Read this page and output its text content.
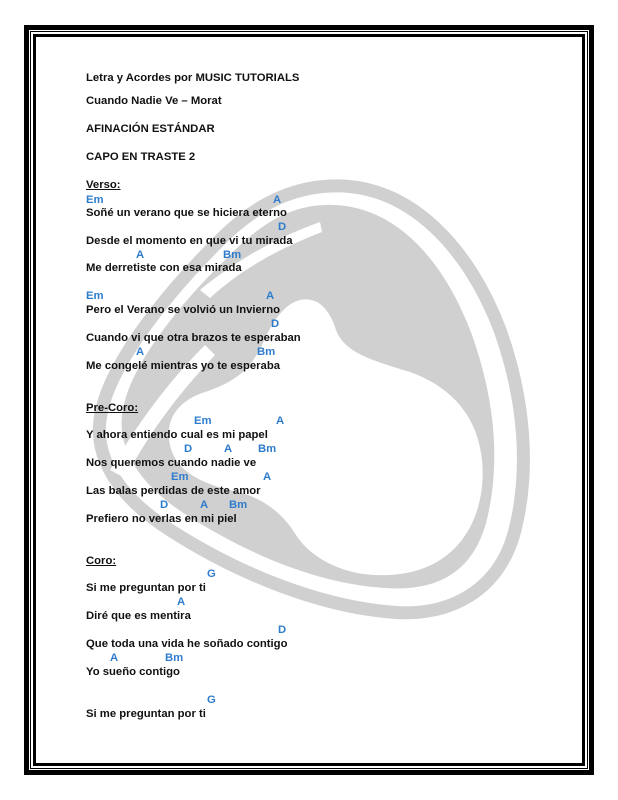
Letra y Acordes por MUSIC TUTORIALS
Cuando Nadie Ve – Morat
AFINACIÓN ESTÁNDAR
CAPO EN TRASTE 2
Verso:
Em	A
Soñé un verano que se hiciera eterno
D
Desde el momento en que vi tu mirada
A	Bm
Me derretiste con esa mirada
Em	A
Pero el Verano se volvió un Invierno
D
Cuando vi que otra brazos te esperaban
A	Bm
Me congelé mientras yo te esperaba
Pre-Coro:
Em	A
Y ahora entiendo cual es mi papel
D	A Bm
Nos queremos cuando nadie ve
Em	A
Las balas perdidas de este amor
D	A Bm
Prefiero no verlas en mi piel
Coro:
G
Si me preguntan por ti
A
Diré que es mentira
D
Que toda una vida he soñado contigo
A	Bm
Yo sueño contigo
G
Si me preguntan por ti
